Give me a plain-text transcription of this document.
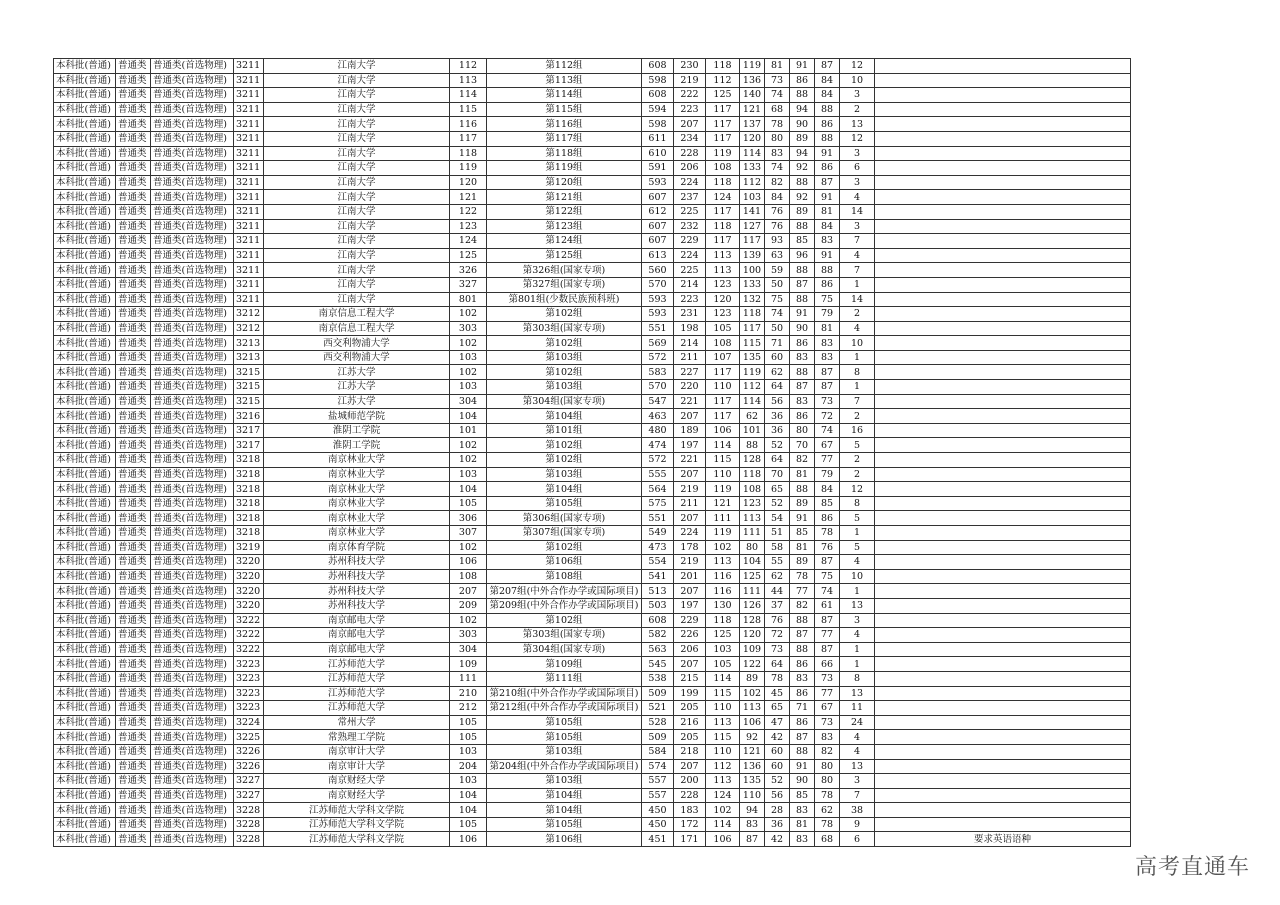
本科批(普通)	普通类	普通类(首选物理)	3211	江南大学	112	第112组	608	230	118	119	81	91	87	12	
本科批(普通)	普通类	普通类(首选物理)	3211	江南大学	113	第113组	598	219	112	136	73	86	84	10	
本科批(普通)	普通类	普通类(首选物理)	3211	江南大学	114	第114组	608	222	125	140	74	88	84	3	
本科批(普通)	普通类	普通类(首选物理)	3211	江南大学	115	第115组	594	223	117	121	68	94	88	2	
本科批(普通)	普通类	普通类(首选物理)	3211	江南大学	116	第116组	598	207	117	137	78	90	86	13	
本科批(普通)	普通类	普通类(首选物理)	3211	江南大学	117	第117组	611	234	117	120	80	89	88	12	
本科批(普通)	普通类	普通类(首选物理)	3211	江南大学	118	第118组	610	228	119	114	83	94	91	3	
本科批(普通)	普通类	普通类(首选物理)	3211	江南大学	119	第119组	591	206	108	133	74	92	86	6	
本科批(普通)	普通类	普通类(首选物理)	3211	江南大学	120	第120组	593	224	118	112	82	88	87	3	
本科批(普通)	普通类	普通类(首选物理)	3211	江南大学	121	第121组	607	237	124	103	84	92	91	4	
本科批(普通)	普通类	普通类(首选物理)	3211	江南大学	122	第122组	612	225	117	141	76	89	81	14	
本科批(普通)	普通类	普通类(首选物理)	3211	江南大学	123	第123组	607	232	118	127	76	88	84	3	
本科批(普通)	普通类	普通类(首选物理)	3211	江南大学	124	第124组	607	229	117	117	93	85	83	7	
本科批(普通)	普通类	普通类(首选物理)	3211	江南大学	125	第125组	613	224	113	139	63	96	91	4	
本科批(普通)	普通类	普通类(首选物理)	3211	江南大学	326	第326组(国家专项)	560	225	113	100	59	88	88	7	
本科批(普通)	普通类	普通类(首选物理)	3211	江南大学	327	第327组(国家专项)	570	214	123	133	50	87	86	1	
本科批(普通)	普通类	普通类(首选物理)	3211	江南大学	801	第801组(少数民族预科班)	593	223	120	132	75	88	75	14	
本科批(普通)	普通类	普通类(首选物理)	3212	南京信息工程大学	102	第102组	593	231	123	118	74	91	79	2	
本科批(普通)	普通类	普通类(首选物理)	3212	南京信息工程大学	303	第303组(国家专项)	551	198	105	117	50	90	81	4	
本科批(普通)	普通类	普通类(首选物理)	3213	西交利物浦大学	102	第102组	569	214	108	115	71	86	83	10	
本科批(普通)	普通类	普通类(首选物理)	3213	西交利物浦大学	103	第103组	572	211	107	135	60	83	83	1	
本科批(普通)	普通类	普通类(首选物理)	3215	江苏大学	102	第102组	583	227	117	119	62	88	87	8	
本科批(普通)	普通类	普通类(首选物理)	3215	江苏大学	103	第103组	570	220	110	112	64	87	87	1	
本科批(普通)	普通类	普通类(首选物理)	3215	江苏大学	304	第304组(国家专项)	547	221	117	114	56	83	73	7	
本科批(普通)	普通类	普通类(首选物理)	3216	盐城师范学院	104	第104组	463	207	117	62	36	86	72	2	
本科批(普通)	普通类	普通类(首选物理)	3217	淮阴工学院	101	第101组	480	189	106	101	36	80	74	16	
本科批(普通)	普通类	普通类(首选物理)	3217	淮阴工学院	102	第102组	474	197	114	88	52	70	67	5	
本科批(普通)	普通类	普通类(首选物理)	3218	南京林业大学	102	第102组	572	221	115	128	64	82	77	2	
本科批(普通)	普通类	普通类(首选物理)	3218	南京林业大学	103	第103组	555	207	110	118	70	81	79	2	
本科批(普通)	普通类	普通类(首选物理)	3218	南京林业大学	104	第104组	564	219	119	108	65	88	84	12	
本科批(普通)	普通类	普通类(首选物理)	3218	南京林业大学	105	第105组	575	211	121	123	52	89	85	8	
本科批(普通)	普通类	普通类(首选物理)	3218	南京林业大学	306	第306组(国家专项)	551	207	111	113	54	91	86	5	
本科批(普通)	普通类	普通类(首选物理)	3218	南京林业大学	307	第307组(国家专项)	549	224	119	111	51	85	78	1	
本科批(普通)	普通类	普通类(首选物理)	3219	南京体育学院	102	第102组	473	178	102	80	58	81	76	5	
本科批(普通)	普通类	普通类(首选物理)	3220	苏州科技大学	106	第106组	554	219	113	104	55	89	87	4	
本科批(普通)	普通类	普通类(首选物理)	3220	苏州科技大学	108	第108组	541	201	116	125	62	78	75	10	
本科批(普通)	普通类	普通类(首选物理)	3220	苏州科技大学	207	第207组(中外合作办学或国际项目)	513	207	116	111	44	77	74	1	
本科批(普通)	普通类	普通类(首选物理)	3220	苏州科技大学	209	第209组(中外合作办学或国际项目)	503	197	130	126	37	82	61	13	
本科批(普通)	普通类	普通类(首选物理)	3222	南京邮电大学	102	第102组	608	229	118	128	76	88	87	3	
本科批(普通)	普通类	普通类(首选物理)	3222	南京邮电大学	303	第303组(国家专项)	582	226	125	120	72	87	77	4	
本科批(普通)	普通类	普通类(首选物理)	3222	南京邮电大学	304	第304组(国家专项)	563	206	103	109	73	88	87	1	
本科批(普通)	普通类	普通类(首选物理)	3223	江苏师范大学	109	第109组	545	207	105	122	64	86	66	1	
本科批(普通)	普通类	普通类(首选物理)	3223	江苏师范大学	111	第111组	538	215	114	89	78	83	73	8	
本科批(普通)	普通类	普通类(首选物理)	3223	江苏师范大学	210	第210组(中外合作办学或国际项目)	509	199	115	102	45	86	77	13	
本科批(普通)	普通类	普通类(首选物理)	3223	江苏师范大学	212	第212组(中外合作办学或国际项目)	521	205	110	113	65	71	67	11	
本科批(普通)	普通类	普通类(首选物理)	3224	常州大学	105	第105组	528	216	113	106	47	86	73	24	
本科批(普通)	普通类	普通类(首选物理)	3225	常熟理工学院	105	第105组	509	205	115	92	42	87	83	4	
本科批(普通)	普通类	普通类(首选物理)	3226	南京审计大学	103	第103组	584	218	110	121	60	88	82	4	
本科批(普通)	普通类	普通类(首选物理)	3226	南京审计大学	204	第204组(中外合作办学或国际项目)	574	207	112	136	60	91	80	13	
本科批(普通)	普通类	普通类(首选物理)	3227	南京财经大学	103	第103组	557	200	113	135	52	90	80	3	
本科批(普通)	普通类	普通类(首选物理)	3227	南京财经大学	104	第104组	557	228	124	110	56	85	78	7	
本科批(普通)	普通类	普通类(首选物理)	3228	江苏师范大学科文学院	104	第104组	450	183	102	94	28	83	62	38	
本科批(普通)	普通类	普通类(首选物理)	3228	江苏师范大学科文学院	105	第105组	450	172	114	83	36	81	78	9	
本科批(普通)	普通类	普通类(首选物理)	3228	江苏师范大学科文学院	106	第106组	451	171	106	87	42	83	68	6	要求英语语种
高考直通车
